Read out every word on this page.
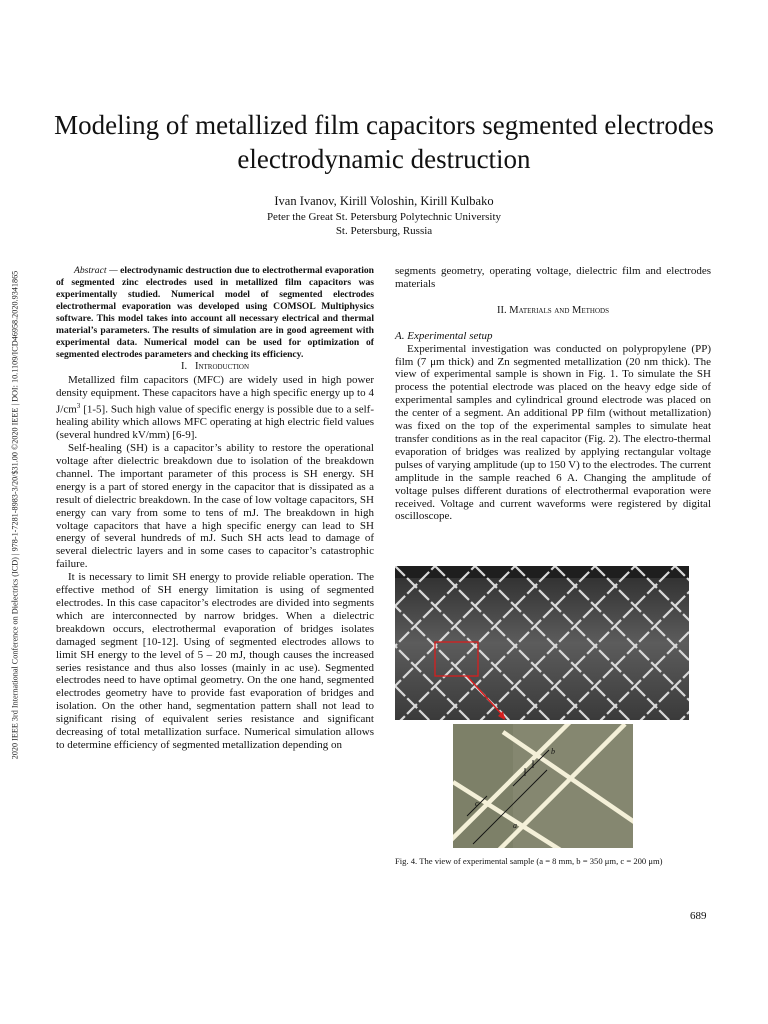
2020 IEEE 3rd International Conference on Dielectrics (ICD) | 978-1-7281-8983-3/20/$31.00 ©2020 IEEE | DOI: 10.1109/ICD46958.2020.9341865
Modeling of metallized film capacitors segmented electrodes electrodynamic destruction
Ivan Ivanov, Kirill Voloshin, Kirill Kulbako
Peter the Great St. Petersburg Polytechnic University
St. Petersburg, Russia

Abstract — electrodynamic destruction due to electrothermal evaporation of segmented zinc electrodes used in metallized film capacitors was experimentally studied. Numerical model of segmented electrodes electrothermal evaporation was developed using COMSOL Multiphysics software. This model takes into account all necessary electrical and thermal material’s parameters. The results of simulation are in good agreement with experimental data. Numerical model can be used for optimization of segmented electrodes parameters and checking its efficiency.

I. Introduction

Metallized film capacitors (MFC) are widely used in high power density equipment. These capacitors have a high specific energy up to 4 $J/cm^3$ [1-5]. Such high value of specific energy is possible due to a self-healing ability which allows MFC operating at high electric field values (several hundred kV/mm) [6-9].

Self-healing (SH) is a capacitor’s ability to restore the operational voltage after dielectric breakdown due to isolation of the breakdown channel. The important parameter of this process is SH energy. SH energy is a part of stored energy in the capacitor that is dissipated as a result of dielectric breakdown. In the case of low voltage capacitors, SH energy can vary from some to tens of mJ. The breakdown in high voltage capacitors that have a high specific energy can lead to SH energy of several hundreds of mJ. Such SH acts lead to damage of several dielectric layers and in some cases to capacitor’s catastrophic failure.

It is necessary to limit SH energy to provide reliable operation. The effective method of SH energy limitation is using of segmented electrodes. In this case capacitor’s electrodes are divided into segments which are interconnected by narrow bridges. When a dielectric breakdown occurs, electrothermal evaporation of bridges isolates damaged segment [10-12]. Using of segmented electrodes allows to limit SH energy to the level of 5 – 20 mJ, though causes the increased series resistance and thus also losses (mainly in ac use). Segmented electrodes need to have optimal geometry. On the one hand, segmented electrodes geometry have to provide fast evaporation of bridges and isolation. On the other hand, segmentation pattern shall not lead to significant rising of equivalent series resistance and significant decreasing of total metallization surface. Numerical simulation allows to determine efficiency of segmented metallization depending on

segments geometry, operating voltage, dielectric film and electrodes materials

II. Materials and Methods

A. Experimental setup

Experimental investigation was conducted on polypropylene (PP) film (7 μm thick) and Zn segmented metallization (20 nm thick). The view of experimental sample is shown in Fig. 1. To simulate the SH process the potential electrode was placed on the heavy edge side of experimental samples and cylindrical ground electrode was placed on the center of a segment. An additional PP film (without metallization) was fixed on the top of the experimental samples to simulate heat transfer conditions as in the real capacitor (Fig. 2). The electro-thermal evaporation of bridges was realized by applying rectangular voltage pulses of varying amplitude (up to 150 V) to the electrodes. The current amplitude in the sample reached 6 A. Changing the amplitude of voltage pulses different durations of electrothermal evaporation were received. Voltage and current waveforms were registered by digital oscilloscope.

b
a
c
Fig. 4. The view of experimental sample (a = 8 mm, b = 350 μm, c = 200 μm)
689
